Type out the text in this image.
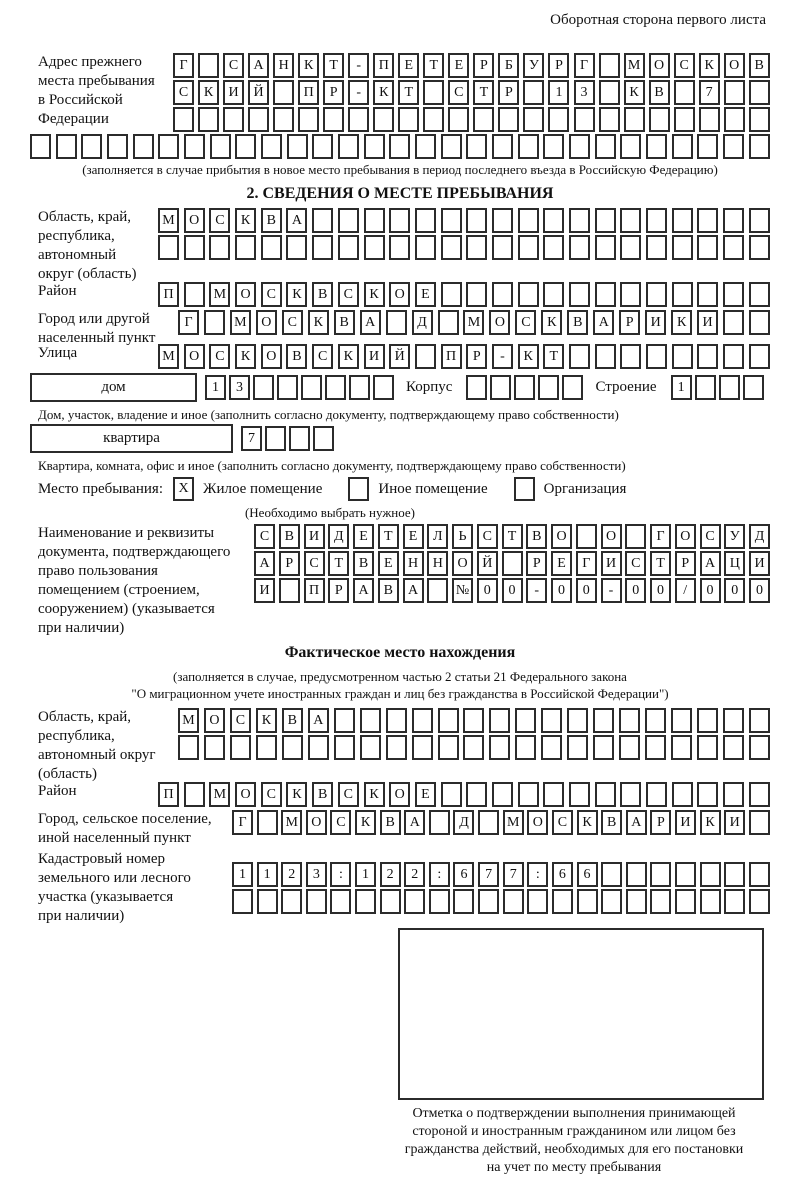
Оборотная сторона первого листа
Адрес прежнего
места пребывания
в Российской
Федерации
Г	С	А	Н	К	Т	-	П	Е	Т	Е	Р	Б	У	Р	Г	М О	С	К	О	В
С	К	И	Й	П	Р	-	К	Т	С	Т	Р	1	3	К	В	7
(заполняется в случае прибытия в новое место пребывания в период последнего въезда в Российскую Федерацию)
2. СВЕДЕНИЯ О МЕСТЕ ПРЕБЫВАНИЯ
Область, край,
республика,
автономный
округ (область)
М	О	С	К	В	А
Район	П	М	О	С	К	В	С	К	О	Е
Город или другой
населенный пункт
Г	М	О	С	К	В	А	Д	М	О	С	К	В	А	Р	И	К	И
Улица	М	О	С	К	О	В	С	К	И	Й	П	Р	-	К	Т
дом	1	3	Корпус	Строение	1
Дом, участок, владение и иное (заполнить согласно документу, подтверждающему право собственности)
квартира	7
Квартира, комната, офис и иное (заполнить согласно документу, подтверждающему право собственности)
Место пребывания:	X Жилое помещение	Иное помещение	Организация
(Необходимо выбрать нужное)
Наименование и реквизиты
документа, подтверждающего
право пользования
помещением (строением,
сооружением) (указывается
при наличии)
С	В	И	Д	Е	Т	Е	Л	Ь	С	Т	В	О	О	Г	О	С	У	Д
А	Р	С	Т	В	Е	Н	Н	О	Й	Р	Е	Г	И	С	Т	Р	А	Ц	И
И	П	Р	А	В	А	№	0	0	-	0	0	-	0	0	/	0	0	0
Фактическое место нахождения
(заполняется в случае, предусмотренном частью 2 статьи 21 Федерального закона
"О миграционном учете иностранных граждан и лиц без гражданства в Российской Федерации")
Область, край,
республика,
автономный округ
(область)
М	О	С	К	В	А
Район	П	М	О	С	К	В	С	К	О	Е
Город, сельское поселение,
иной населенный пункт
Г	М О	С	К	В	А	Д	М О	С	К	В	А	Р	И	К	И
Кадастровый номер
земельного или лесного
участка (указывается
при наличии)
1	1	2	3	:	1	2	2	:	6	7	7	:	6	6
Отметка о подтверждении выполнения принимающей
стороной и иностранным гражданином или лицом без
гражданства действий, необходимых для его постановки
на учет по месту пребывания
